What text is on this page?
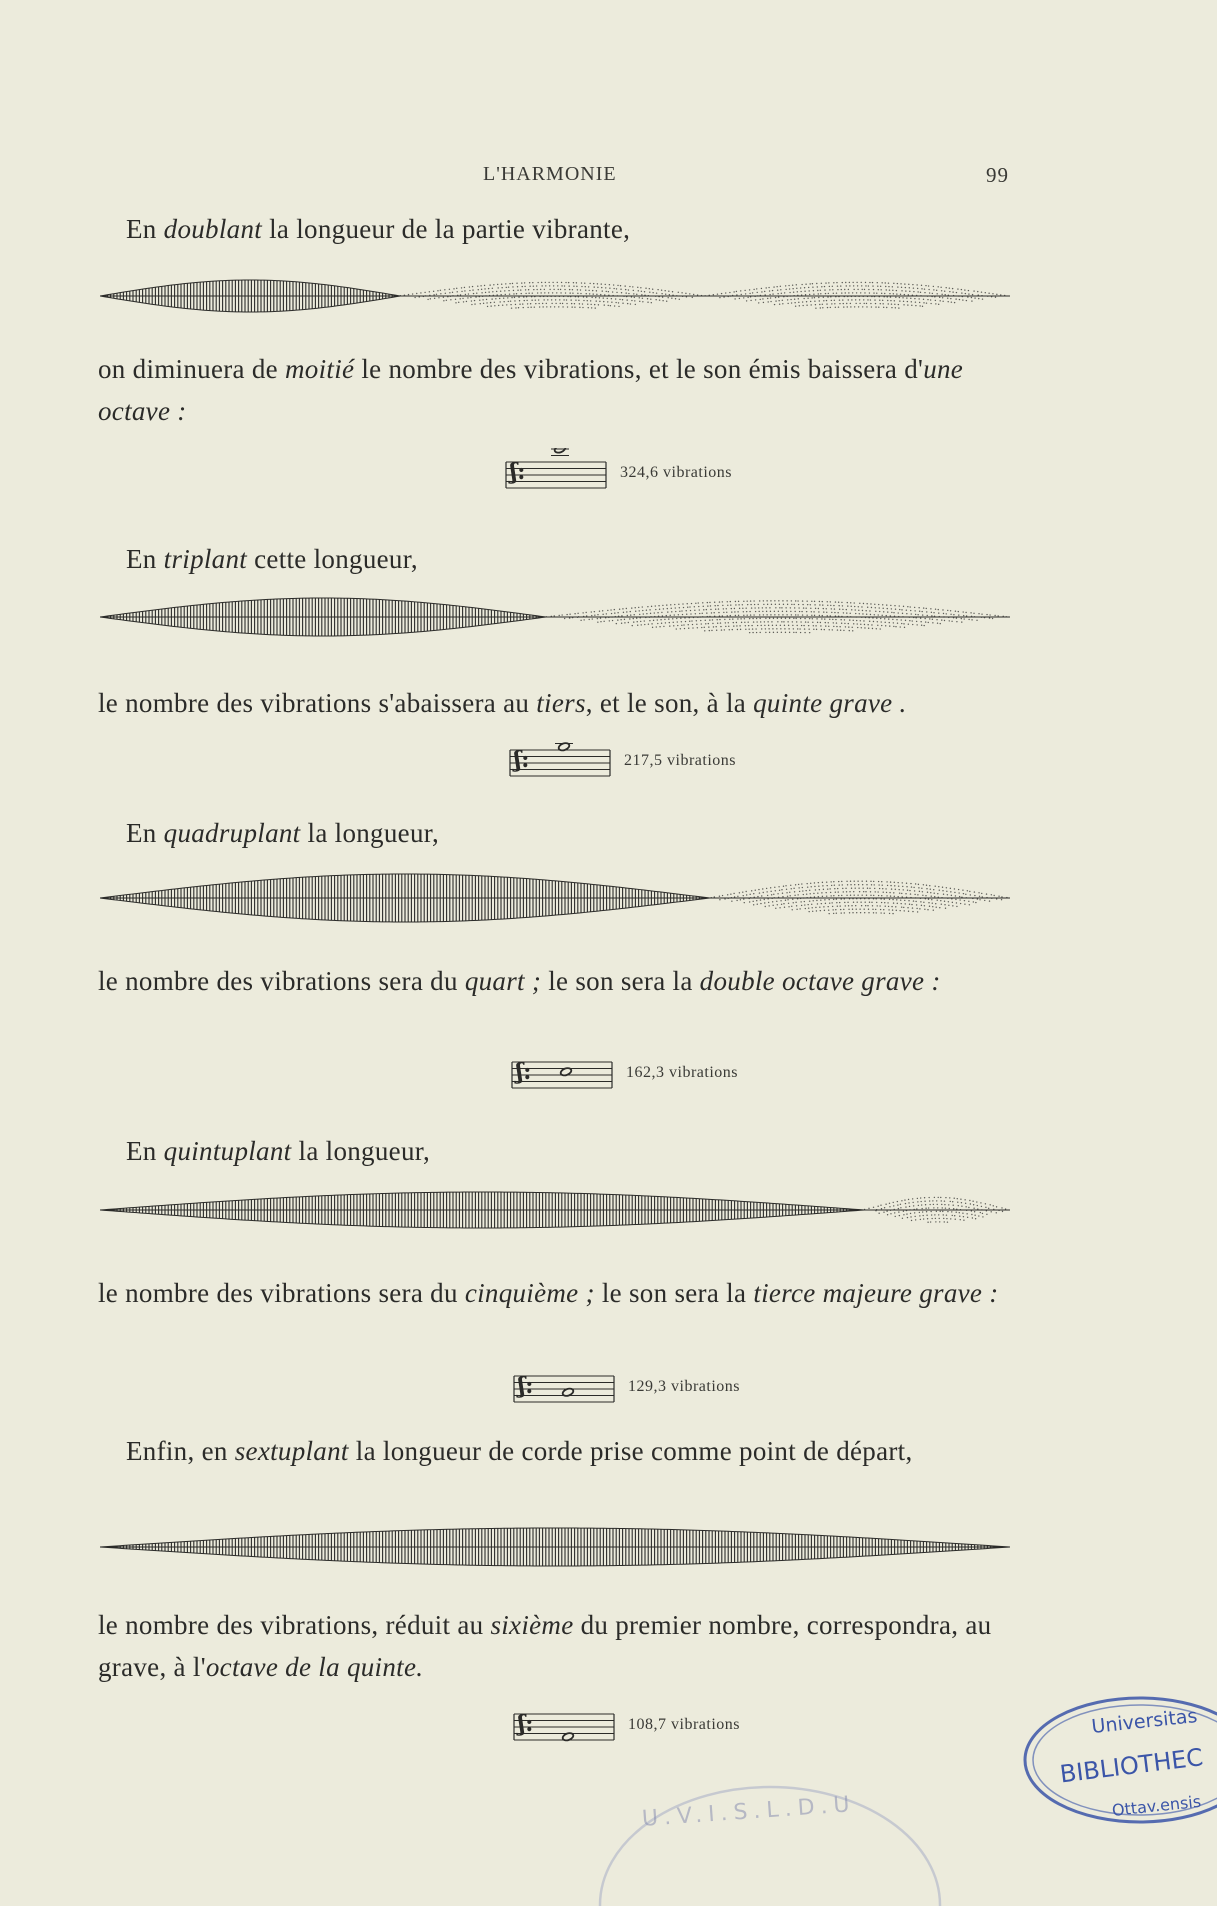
L'HARMONIE	99
En doublant la longueur de la partie vibrante,
on diminuera de moitié le nombre des vibrations, et le son émis baissera d'une octave :
ʃ:	324,6 vibrations
En triplant cette longueur,
le nombre des vibrations s'abaissera au tiers, et le son, à la quinte grave .
ʃ:	217,5 vibrations
En quadruplant la longueur,
le nombre des vibrations sera du quart ; le son sera la double octave grave :
ʃ:	162,3 vibrations
En quintuplant la longueur,
le nombre des vibrations sera du cinquième ; le son sera la tierce majeure grave :
ʃ:	129,3 vibrations
Enfin, en sextuplant la longueur de corde prise comme point de départ,
le nombre des vibrations, réduit au sixième du premier nombre, correspondra, au grave, à l'octave de la quinte.
ʃ:	108,7 vibrations	Universitas
BIBLIOTHEC
Ottav.ensis
U.V.I.S.L.D.U
